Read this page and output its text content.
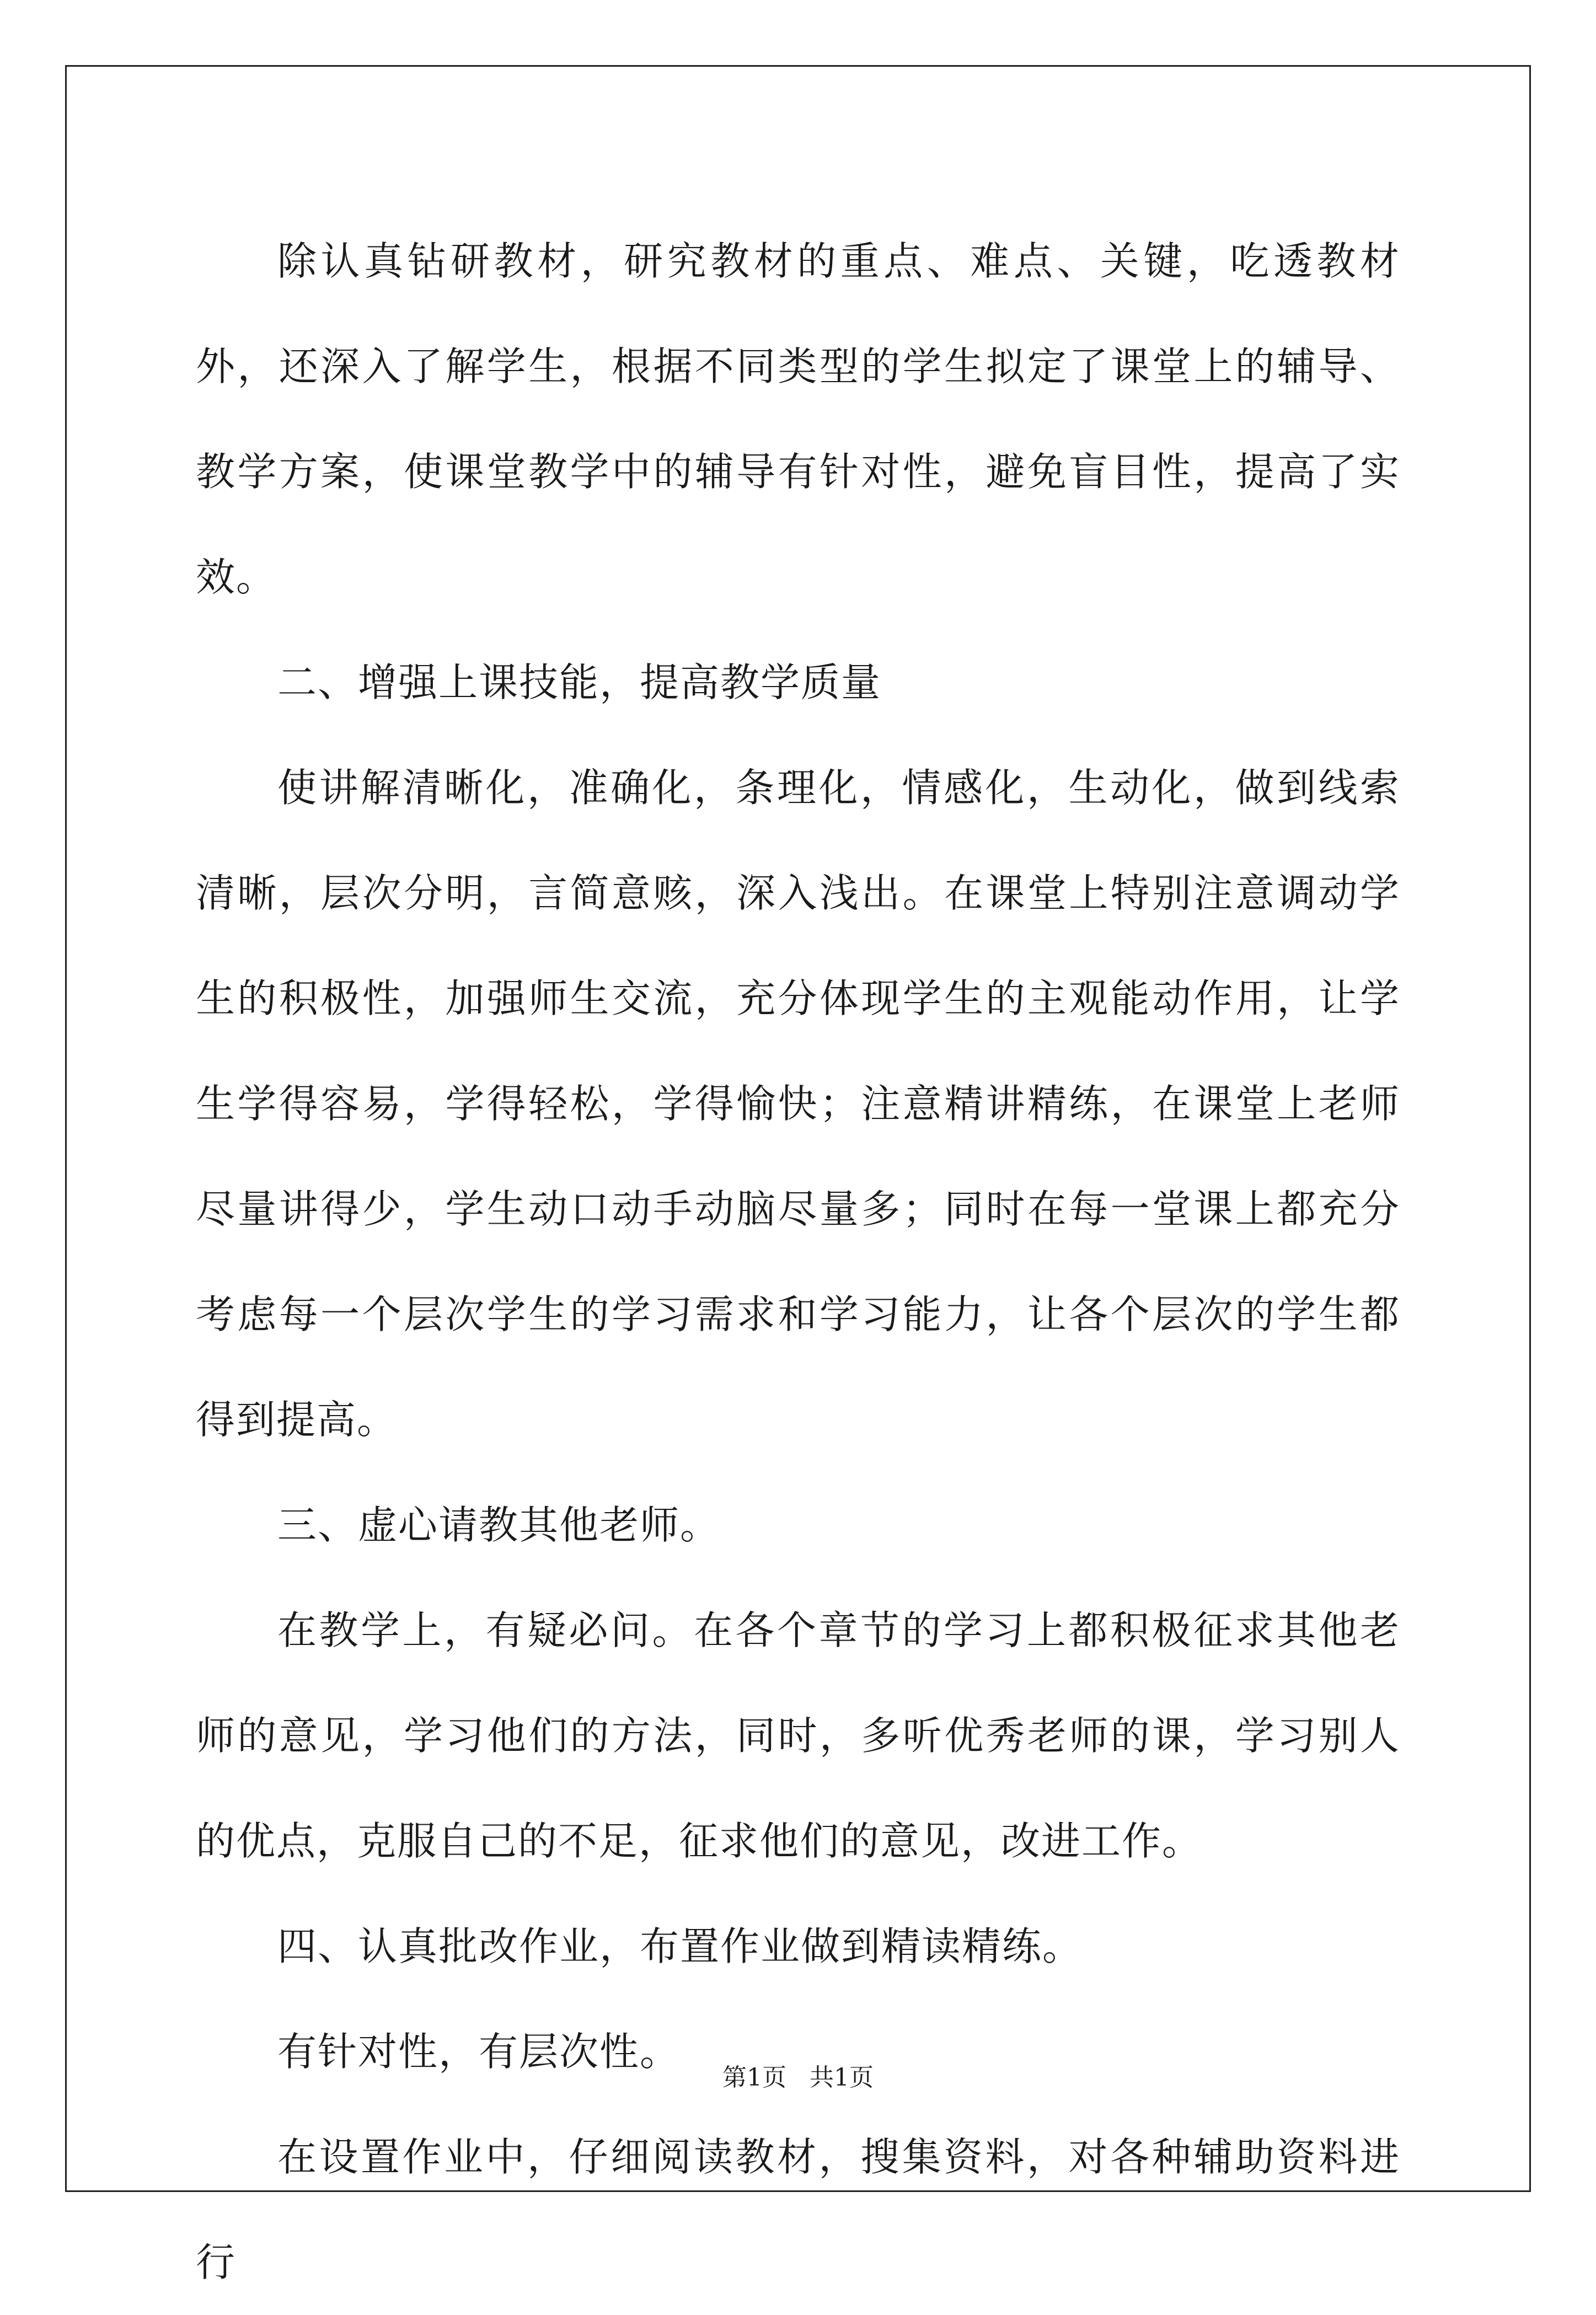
除认真钻研教材，研究教材的重点、难点、关键，吃透教材外，还深入了解学生，根据不同类型的学生拟定了课堂上的辅导、教学方案，使课堂教学中的辅导有针对性，避免盲目性，提高了实效。

二、增强上课技能，提高教学质量

使讲解清晰化，准确化，条理化，情感化，生动化，做到线索清晰，层次分明，言简意赅，深入浅出。在课堂上特别注意调动学生的积极性，加强师生交流，充分体现学生的主观能动作用，让学生学得容易，学得轻松，学得愉快；注意精讲精练，在课堂上老师尽量讲得少，学生动口动手动脑尽量多；同时在每一堂课上都充分考虑每一个层次学生的学习需求和学习能力，让各个层次的学生都得到提高。

三、虚心请教其他老师。

在教学上，有疑必问。在各个章节的学习上都积极征求其他老师的意见，学习他们的方法，同时，多听优秀老师的课，学习别人的优点，克服自己的不足，征求他们的意见，改进工作。

四、认真批改作业，布置作业做到精读精练。

有针对性，有层次性。

在设置作业中，仔细阅读教材，搜集资料，对各种辅助资料进行

第1页 共1页
